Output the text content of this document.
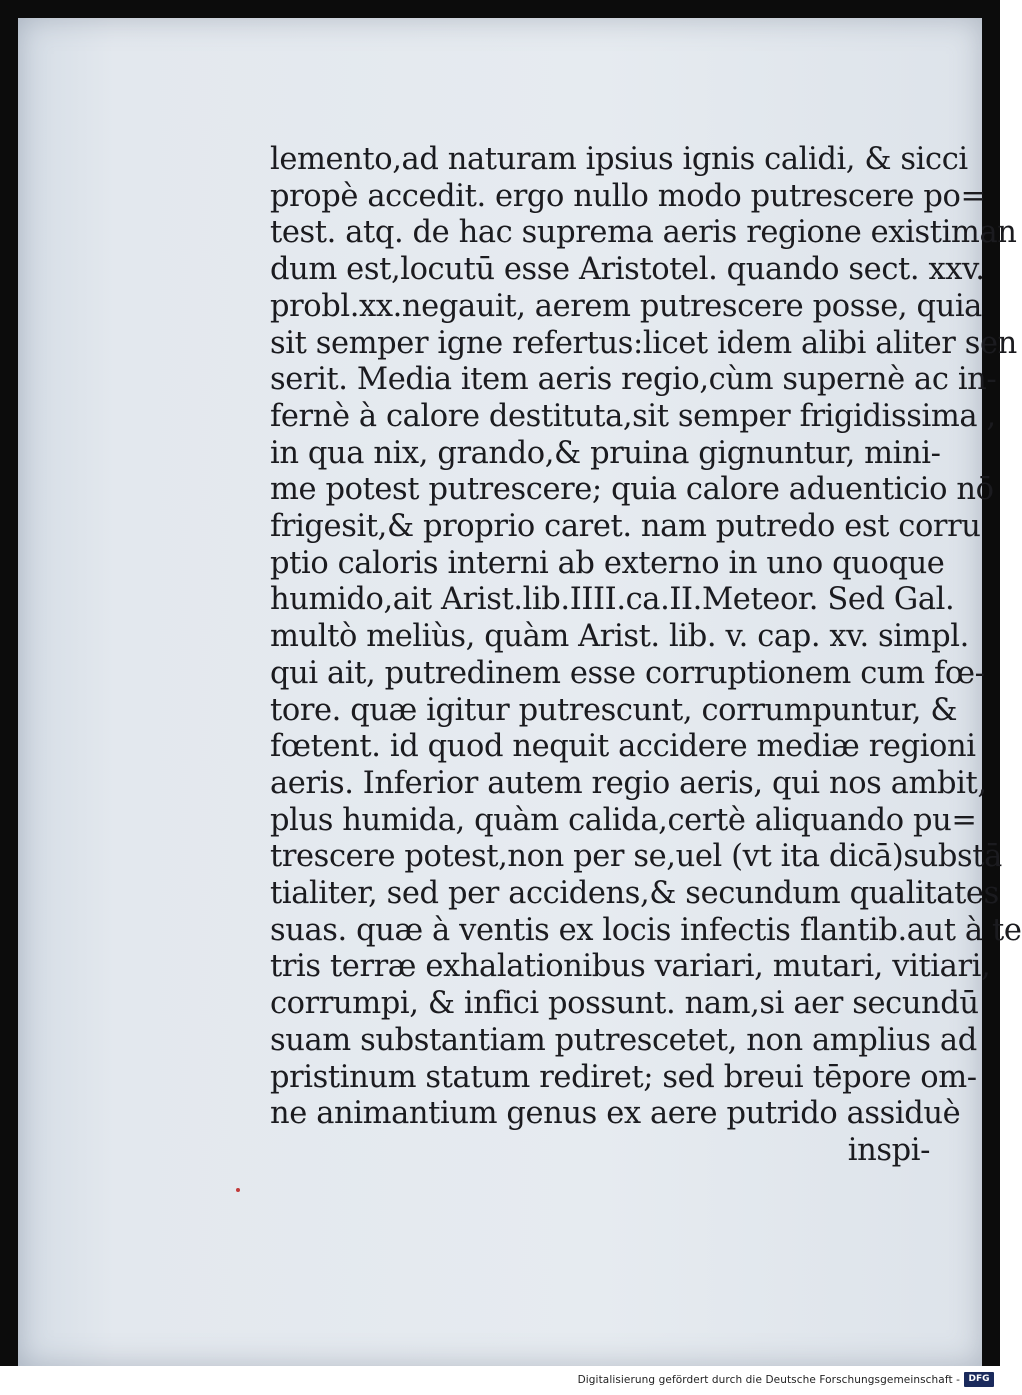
lemento,ad naturam ipsius ignis calidi, & sicci
propè accedit. ergo nullo modo putrescere po=
test. atq. de hac suprema aeris regione existiman
dum est,locutū esse Aristotel. quando sect. xxv.
probl.xx.negauit, aerem putrescere posse, quia
sit semper igne refertus:licet idem alibi aliter sen
serit. Media item aeris regio,cùm supernè ac in-
fernè à calore destituta,sit semper frigidissima ,
in qua nix, grando,& pruina gignuntur, mini-
me potest putrescere; quia calore aduenticio nō
frigesit,& proprio caret. nam putredo est corru
ptio caloris interni ab externo in uno quoque
humido,ait Arist.lib.IIII.ca.II.Meteor. Sed Gal.
multò meliùs, quàm Arist. lib. v. cap. xv. simpl.
qui ait, putredinem esse corruptionem cum fœ-
tore. quæ igitur putrescunt, corrumpuntur, &
fœtent. id quod nequit accidere mediæ regioni
aeris. Inferior autem regio aeris, qui nos ambit,
plus humida, quàm calida,certè aliquando pu=
trescere potest,non per se,uel (vt ita dicā)substā
tialiter, sed per accidens,& secundum qualitates
suas. quæ à ventis ex locis infectis flantib.aut à te
tris terræ exhalationibus variari, mutari, vitiari,
corrumpi, & infici possunt. nam,si aer secundū
suam substantiam putrescetet, non amplius ad
pristinum statum rediret; sed breui tēpore om-
ne animantium genus ex aere putrido assiduè
inspi-
Digitalisierung gefördert durch die Deutsche Forschungsgemeinschaft - DFG
